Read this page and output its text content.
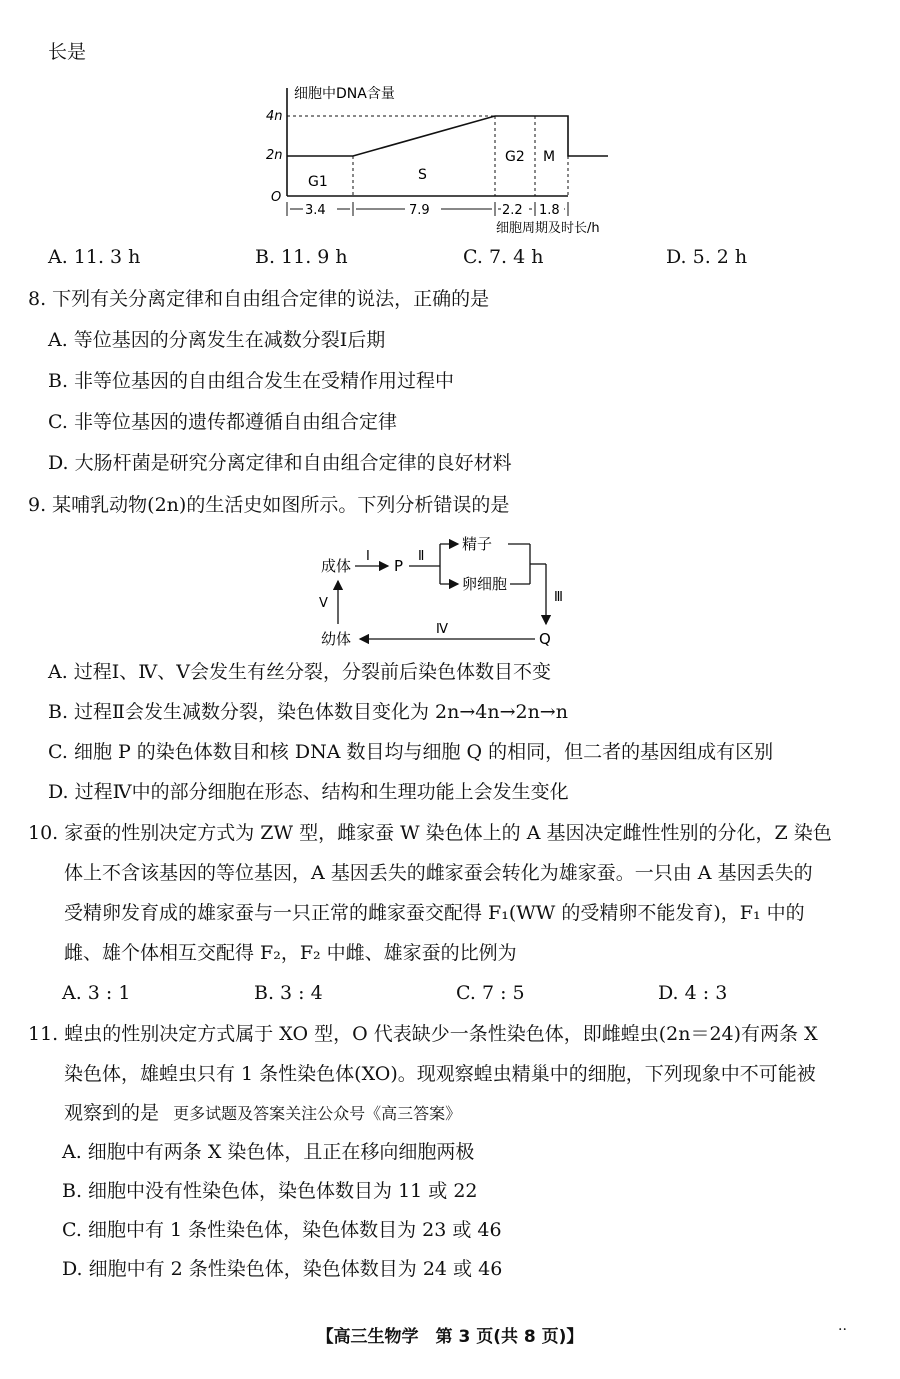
长是
细胞中DNA含量
4n
2n
O
G1	S
G2 M
3.4	7.9	2.2 1.8
细胞周期及时长/h
A. 11. 3 h	B. 11. 9 h	C. 7. 4 h	D. 5. 2 h
8. 下列有关分离定律和自由组合定律的说法，正确的是
A. 等位基因的分离发生在减数分裂Ⅰ后期
B. 非等位基因的自由组合发生在受精作用过程中
C. 非等位基因的遗传都遵循自由组合定律
D. 大肠杆菌是研究分离定律和自由组合定律的良好材料
9. 某哺乳动物(2n)的生活史如图所示。下列分析错误的是
成体
Ⅰ
P
Ⅱ
精子
卵细胞
Ⅲ
Q
Ⅳ
幼体
Ⅴ
A. 过程Ⅰ、Ⅳ、Ⅴ会发生有丝分裂，分裂前后染色体数目不变
B. 过程Ⅱ会发生减数分裂，染色体数目变化为 2n→4n→2n→n
C. 细胞 P 的染色体数目和核 DNA 数目均与细胞 Q 的相同，但二者的基因组成有区别
D. 过程Ⅳ中的部分细胞在形态、结构和生理功能上会发生变化
10. 家蚕的性别决定方式为 ZW 型，雌家蚕 W 染色体上的 A 基因决定雌性性别的分化，Z 染色
体上不含该基因的等位基因，A 基因丢失的雌家蚕会转化为雄家蚕。一只由 A 基因丢失的
受精卵发育成的雄家蚕与一只正常的雌家蚕交配得 F₁(WW 的受精卵不能发育)，F₁ 中的
雌、雄个体相互交配得 F₂，F₂ 中雌、雄家蚕的比例为
A. 3 : 1	B. 3 : 4	C. 7 : 5	D. 4 : 3
11. 蝗虫的性别决定方式属于 XO 型，O 代表缺少一条性染色体，即雌蝗虫(2n＝24)有两条 X
染色体，雄蝗虫只有 1 条性染色体(XO)。现观察蝗虫精巢中的细胞，下列现象中不可能被
观察到的是 更多试题及答案关注公众号《高三答案》
A. 细胞中有两条 X 染色体，且正在移向细胞两极
B. 细胞中没有性染色体，染色体数目为 11 或 22
C. 细胞中有 1 条性染色体，染色体数目为 23 或 46
D. 细胞中有 2 条性染色体，染色体数目为 24 或 46
【高三生物学　第 3 页(共 8 页)】
..
